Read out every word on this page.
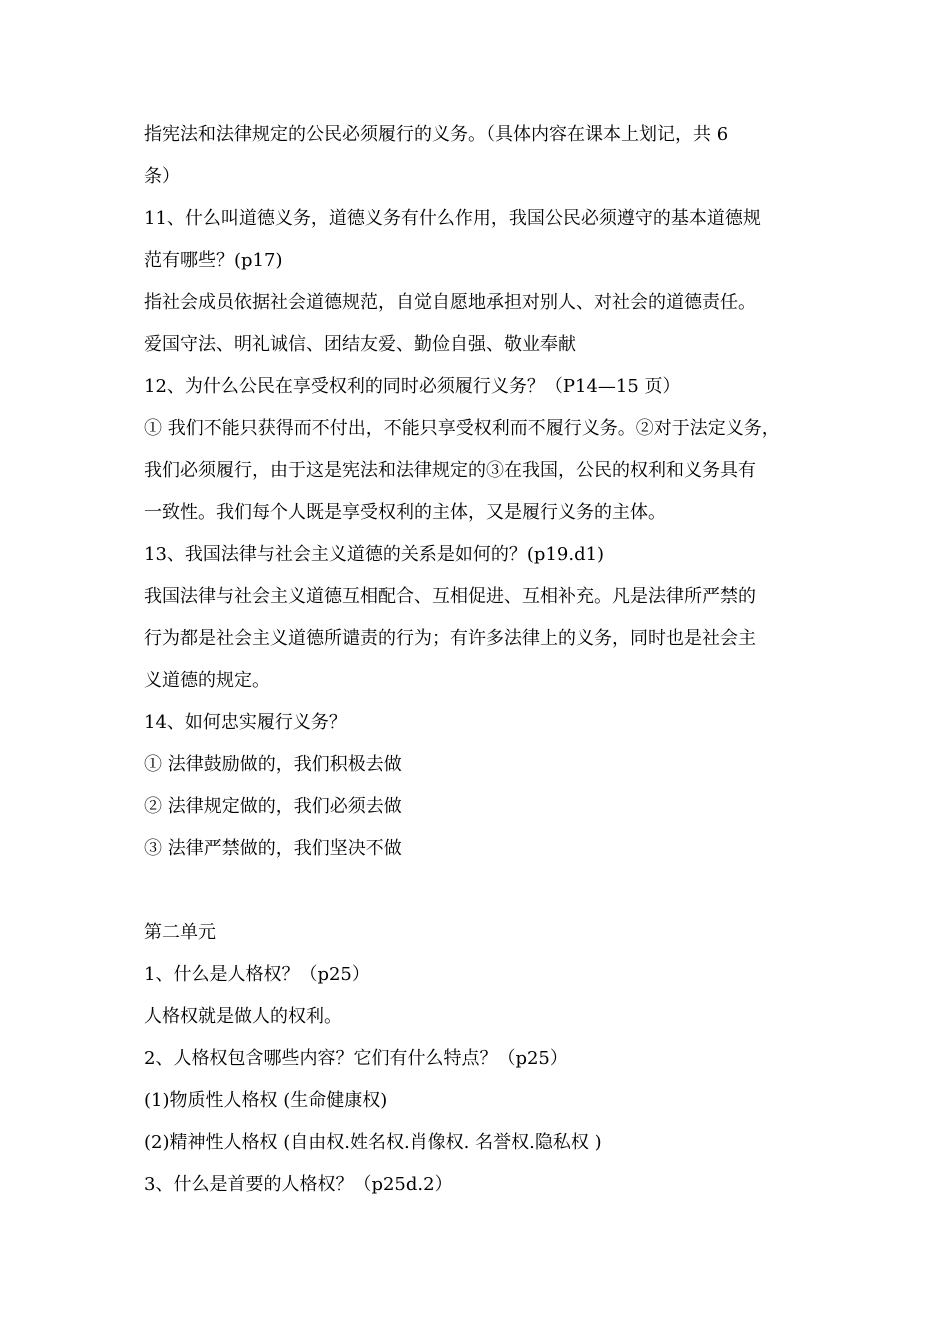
指宪法和法律规定的公民必须履行的义务。（具体内容在课本上划记，共 6
条）
11、什么叫道德义务，道德义务有什么作用，我国公民必须遵守的基本道德规
范有哪些？(p17)
指社会成员依据社会道德规范，自觉自愿地承担对别人、对社会的道德责任。
爱国守法、明礼诚信、团结友爱、勤俭自强、敬业奉献
12、为什么公民在享受权利的同时必须履行义务？（P14—15 页）
① 我们不能只获得而不付出，不能只享受权利而不履行义务。②对于法定义务，
我们必须履行，由于这是宪法和法律规定的③在我国，公民的权利和义务具有
一致性。我们每个人既是享受权利的主体，又是履行义务的主体。
13、我国法律与社会主义道德的关系是如何的？(p19.d1)
我国法律与社会主义道德互相配合、互相促进、互相补充。凡是法律所严禁的
行为都是社会主义道德所谴责的行为；有许多法律上的义务，同时也是社会主
义道德的规定。
14、如何忠实履行义务？
① 法律鼓励做的，我们积极去做
② 法律规定做的，我们必须去做
③ 法律严禁做的，我们坚决不做
第二单元
1、什么是人格权？（p25）
人格权就是做人的权利。
2、人格权包含哪些内容？它们有什么特点？（p25）
(1)物质性人格权 (生命健康权)
(2)精神性人格权 (自由权.姓名权.肖像权. 名誉权.隐私权 )
3、什么是首要的人格权？（p25d.2）
